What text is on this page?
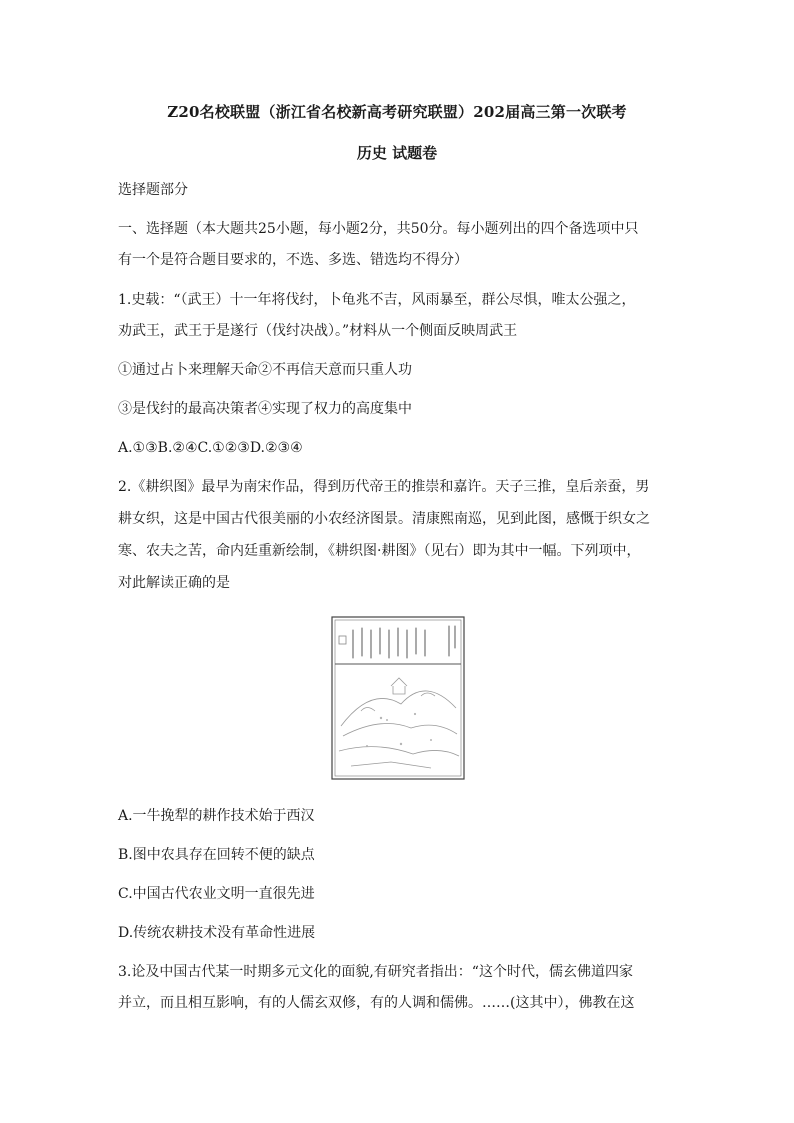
Z20名校联盟（浙江省名校新高考研究联盟）202届高三第一次联考
历史 试题卷
选择题部分
一、选择题（本大题共25小题，每小题2分，共50分。每小题列出的四个备选项中只
有一个是符合题目要求的，不选、多选、错选均不得分）
1.史载：“（武王）十一年将伐纣，卜龟兆不吉，风雨暴至，群公尽惧，唯太公强之，
劝武王，武王于是遂行（伐纣决战）。”材料从一个侧面反映周武王
①通过占卜来理解天命②不再信天意而只重人功
③是伐纣的最高决策者④实现了权力的高度集中
A.①③B.②④C.①②③D.②③④
2.《耕织图》最早为南宋作品，得到历代帝王的推崇和嘉许。天子三推，皇后亲蚕，男
耕女织，这是中国古代很美丽的小农经济图景。清康熙南巡，见到此图，感慨于织女之
寒、农夫之苦，命内廷重新绘制，《耕织图·耕图》（见右）即为其中一幅。下列项中，
对此解读正确的是
A.一牛挽犁的耕作技术始于西汉
B.图中农具存在回转不便的缺点
C.中国古代农业文明一直很先进
D.传统农耕技术没有革命性进展
3.论及中国古代某一时期多元文化的面貌,有研究者指出：“这个时代，儒玄佛道四家
并立，而且相互影响，有的人儒玄双修，有的人调和儒佛。……(这其中），佛教在这
